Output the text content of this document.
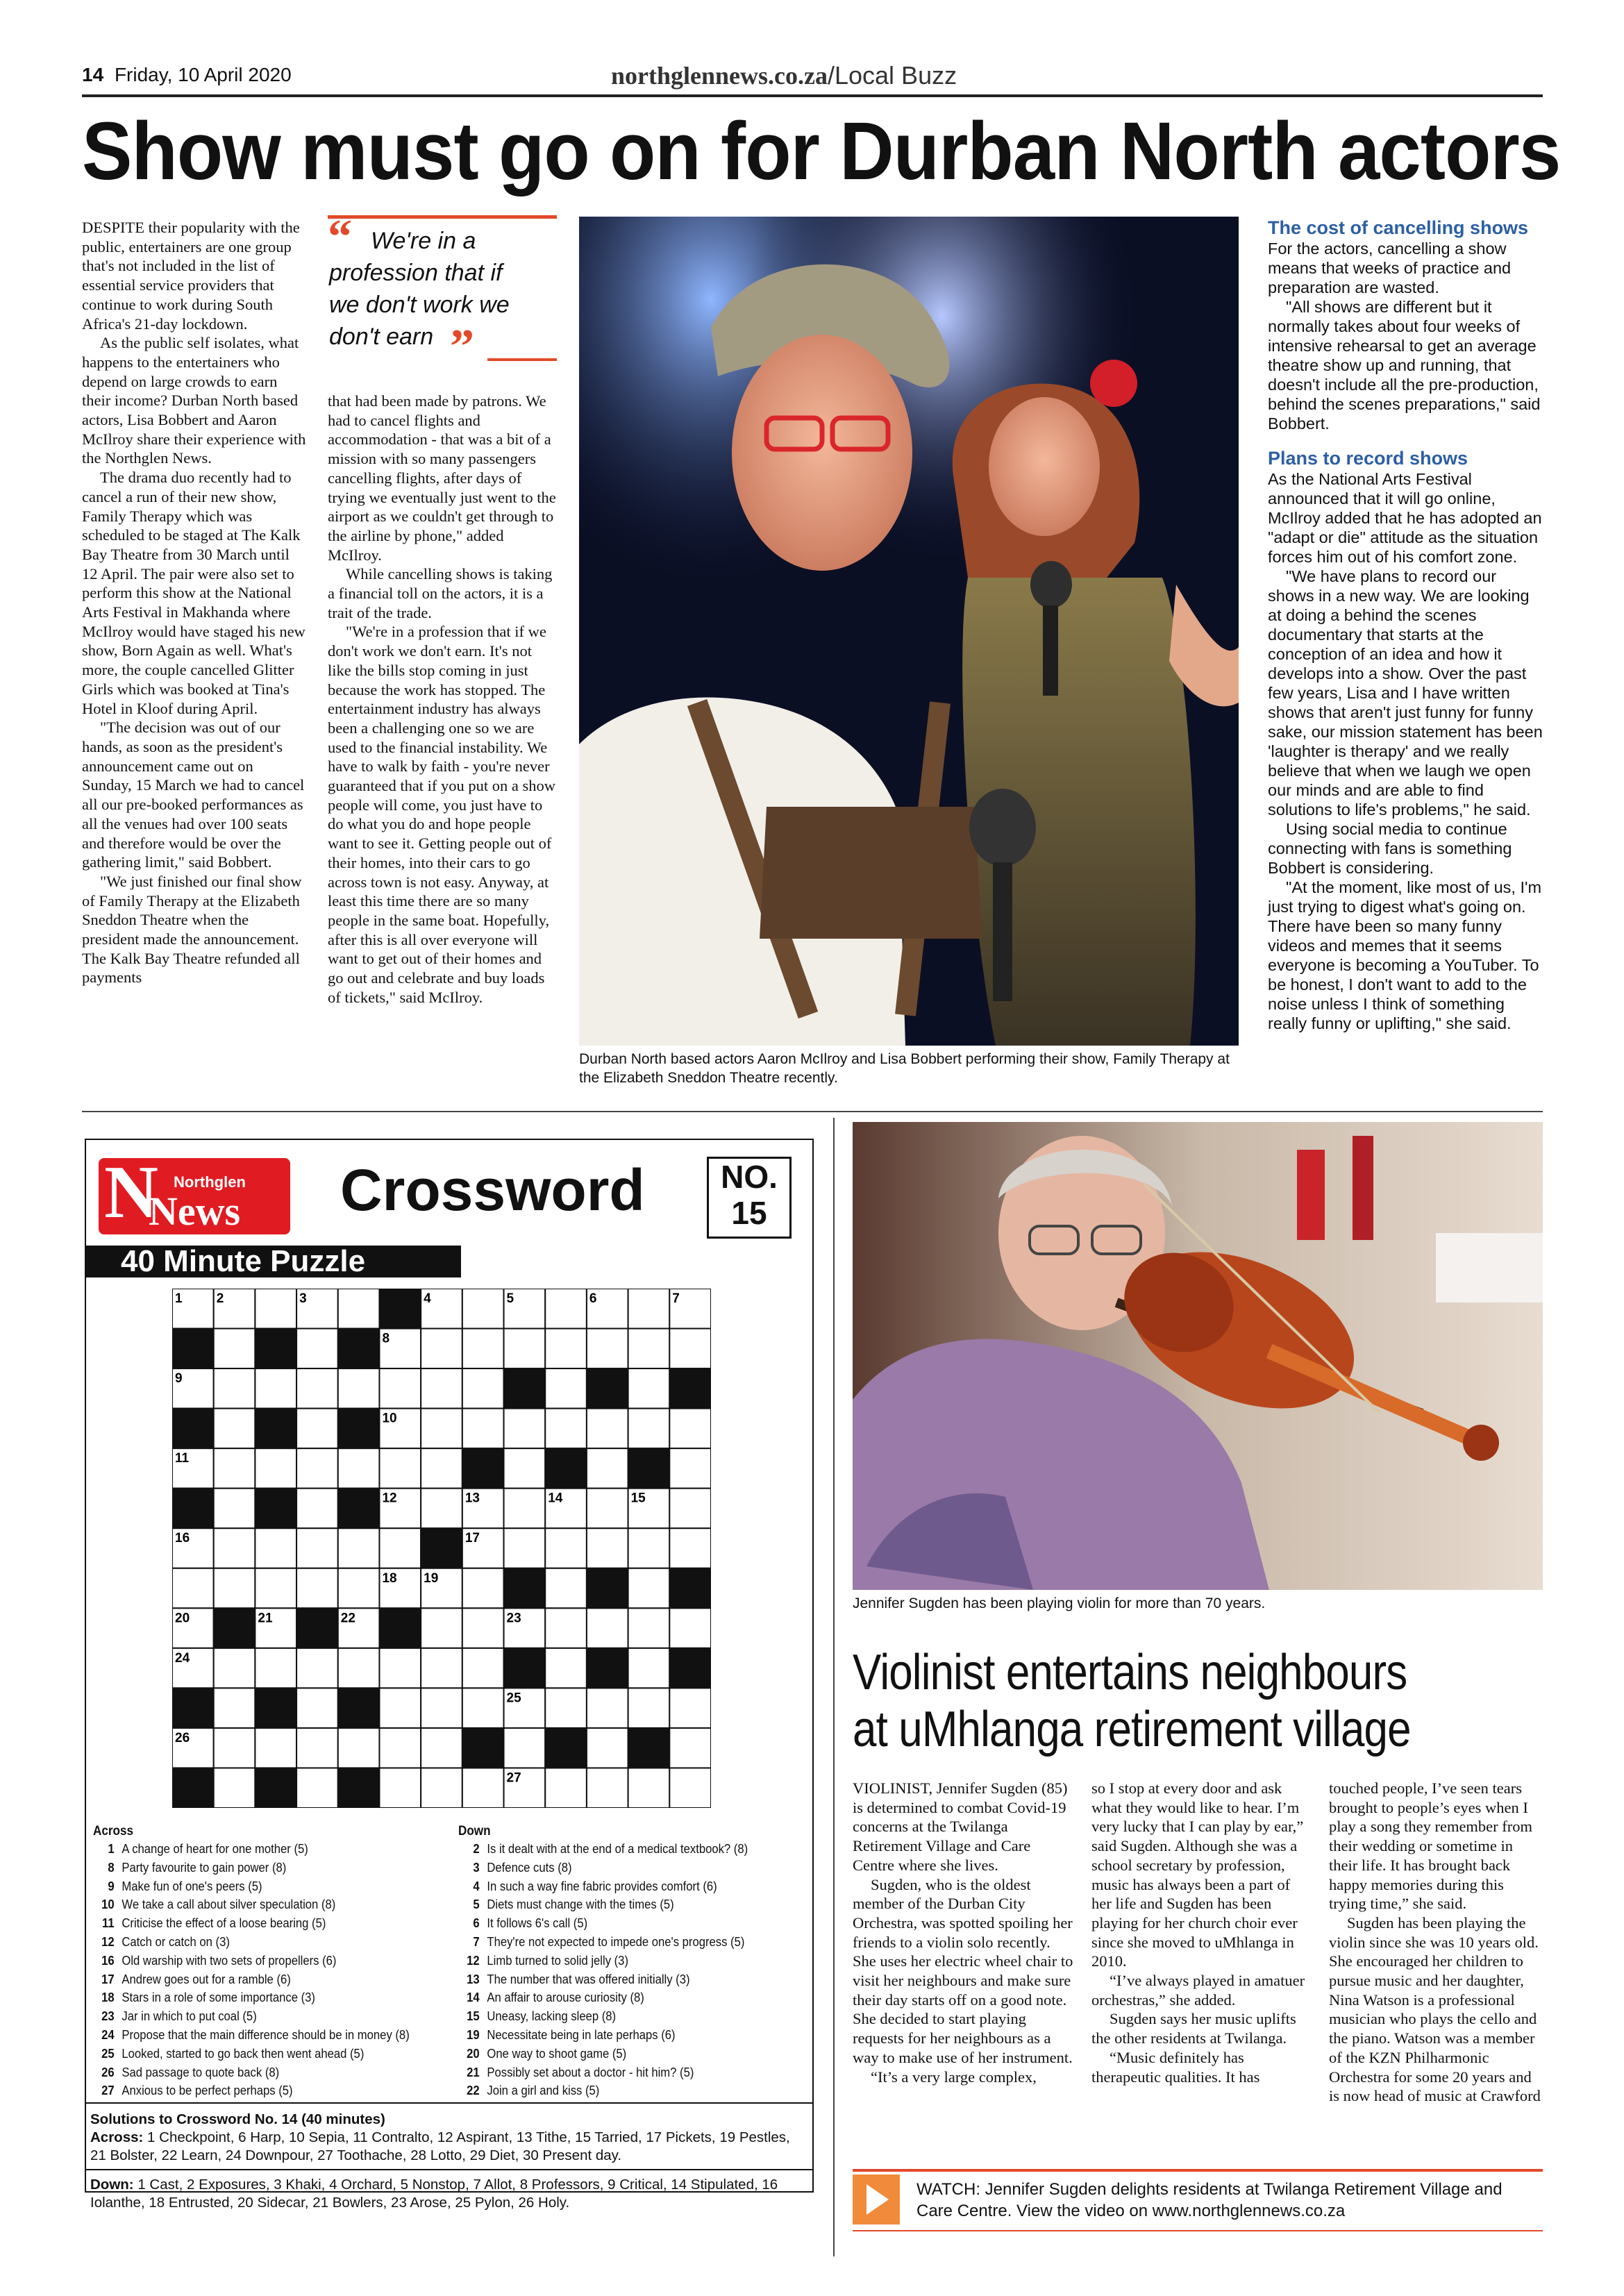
14 Friday, 10 April 2020	northglennews.co.za/Local Buzz
Show must go on for Durban North actors

DESPITE their popularity with the public, entertainers are one group that's not included in the list of essential service providers that continue to work during South Africa's 21-day lockdown.

As the public self isolates, what happens to the entertainers who depend on large crowds to earn their income? Durban North based actors, Lisa Bobbert and Aaron McIlroy share their experience with the Northglen News.

The drama duo recently had to cancel a run of their new show, Family Therapy which was scheduled to be staged at The Kalk Bay Theatre from 30 March until 12 April. The pair were also set to perform this show at the National Arts Festival in Makhanda where McIlroy would have staged his new show, Born Again as well. What's more, the couple cancelled Glitter Girls which was booked at Tina's Hotel in Kloof during April.

"The decision was out of our hands, as soon as the president's announcement came out on Sunday, 15 March we had to cancel all our pre-booked performances as all the venues had over 100 seats and therefore would be over the gathering limit," said Bobbert.

"We just finished our final show of Family Therapy at the Elizabeth Sneddon Theatre when the president made the announcement. The Kalk Bay Theatre refunded all payments

“ We're in a profession that if we don't work we don't earn ”

that had been made by patrons. We had to cancel flights and accommodation - that was a bit of a mission with so many passengers cancelling flights, after days of trying we eventually just went to the airport as we couldn't get through to the airline by phone," added McIlroy.

While cancelling shows is taking a financial toll on the actors, it is a trait of the trade.

"We're in a profession that if we don't work we don't earn. It's not like the bills stop coming in just because the work has stopped. The entertainment industry has always been a challenging one so we are used to the financial instability. We have to walk by faith - you're never guaranteed that if you put on a show people will come, you just have to do what you do and hope people want to see it. Getting people out of their homes, into their cars to go across town is not easy. Anyway, at least this time there are so many people in the same boat. Hopefully, after this is all over everyone will want to get out of their homes and go out and celebrate and buy loads of tickets," said McIlroy.

Durban North based actors Aaron McIlroy and Lisa Bobbert performing their show, Family Therapy at the Elizabeth Sneddon Theatre recently.
The cost of cancelling shows

For the actors, cancelling a show means that weeks of practice and preparation are wasted.

"All shows are different but it normally takes about four weeks of intensive rehearsal to get an average theatre show up and running, that doesn't include all the pre-production, behind the scenes preparations," said Bobbert.

Plans to record shows

As the National Arts Festival announced that it will go online, McIlroy added that he has adopted an "adapt or die" attitude as the situation forces him out of his comfort zone.

"We have plans to record our shows in a new way. We are looking at doing a behind the scenes documentary that starts at the conception of an idea and how it develops into a show. Over the past few years, Lisa and I have written shows that aren't just funny for funny sake, our mission statement has been 'laughter is therapy' and we really believe that when we laugh we open our minds and are able to find solutions to life's problems," he said.

Using social media to continue connecting with fans is something Bobbert is considering.

"At the moment, like most of us, I'm just trying to digest what's going on. There have been so many funny videos and memes that it seems everyone is becoming a YouTuber. To be honest, I don't want to add to the noise unless I think of something really funny or uplifting," she said.

N Northglen
News Crossword	NO.
15
40 Minute Puzzle
1	2	3	4	5	6	7
8
9
10
11
12	13	14	15
16	17
18 19
20	21	22	23
24
25
26
27
Across
1 A change of heart for one mother (5)
8 Party favourite to gain power (8)
9 Make fun of one's peers (5)
10 We take a call about silver speculation (8)
11 Criticise the effect of a loose bearing (5)
12 Catch or catch on (3)
16 Old warship with two sets of propellers (6)
17 Andrew goes out for a ramble (6)
18 Stars in a role of some importance (3)
23 Jar in which to put coal (5)
24 Propose that the main difference should be in money (8)
25 Looked, started to go back then went ahead (5)
26 Sad passage to quote back (8)
27 Anxious to be perfect perhaps (5)
Down
2 Is it dealt with at the end of a medical textbook? (8)
3 Defence cuts (8)
4 In such a way fine fabric provides comfort (6)
5 Diets must change with the times (5)
6 It follows 6's call (5)
7 They're not expected to impede one's progress (5)
12 Limb turned to solid jelly (3)
13 The number that was offered initially (3)
14 An affair to arouse curiosity (8)
15 Uneasy, lacking sleep (8)
19 Necessitate being in late perhaps (6)
20 One way to shoot game (5)
21 Possibly set about a doctor - hit him? (5)
22 Join a girl and kiss (5)
Solutions to Crossword No. 14 (40 minutes)
Across: 1 Checkpoint, 6 Harp, 10 Sepia, 11 Contralto, 12 Aspirant, 13 Tithe, 15 Tarried, 17 Pickets, 19 Pestles, 21 Bolster, 22 Learn, 24 Downpour, 27 Toothache, 28 Lotto, 29 Diet, 30 Present day.
Down: 1 Cast, 2 Exposures, 3 Khaki, 4 Orchard, 5 Nonstop, 7 Allot, 8 Professors, 9 Critical, 14 Stipulated, 16 Iolanthe, 18 Entrusted, 20 Sidecar, 21 Bowlers, 23 Arose, 25 Pylon, 26 Holy.
Jennifer Sugden has been playing violin for more than 70 years.
Violinist entertains neighbours at uMhlanga retirement village

VIOLINIST, Jennifer Sugden (85) is determined to combat Covid-19 concerns at the Twilanga Retirement Village and Care Centre where she lives.

Sugden, who is the oldest member of the Durban City Orchestra, was spotted spoiling her friends to a violin solo recently. She uses her electric wheel chair to visit her neighbours and make sure their day starts off on a good note. She decided to start playing requests for her neighbours as a way to make use of her instrument.

“It’s a very large complex,

so I stop at every door and ask what they would like to hear. I’m very lucky that I can play by ear,” said Sugden. Although she was a school secretary by profession, music has always been a part of her life and Sugden has been playing for her church choir ever since she moved to uMhlanga in 2010.

“I’ve always played in amatuer orchestras,” she added.

Sugden says her music uplifts the other residents at Twilanga.

“Music definitely has therapeutic qualities. It has

touched people, I’ve seen tears brought to people’s eyes when I play a song they remember from their wedding or sometime in their life. It has brought back happy memories during this trying time,” she said.

Sugden has been playing the violin since she was 10 years old. She encouraged her children to pursue music and her daughter, Nina Watson is a professional musician who plays the cello and the piano. Watson was a member of the KZN Philharmonic Orchestra for some 20 years and is now head of music at Crawford

WATCH: Jennifer Sugden delights residents at Twilanga Retirement Village and Care Centre. View the video on www.northglennews.co.za
